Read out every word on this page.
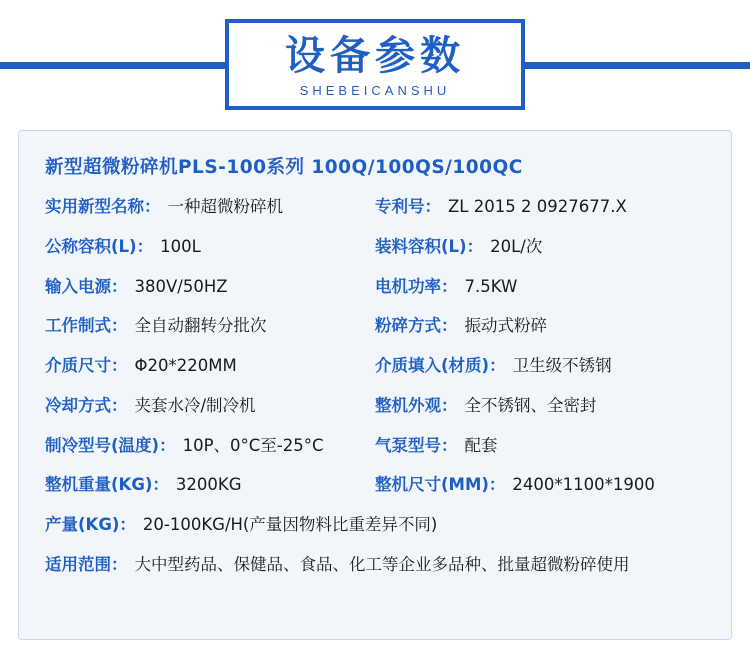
设备参数
SHEBEICANSHU
新型超微粉碎机PLS-100系列 100Q/100QS/100QC
实用新型名称： 一种超微粉碎机	专利号： ZL 2015 2 0927677.X
公称容积(L)： 100L	装料容积(L)： 20L/次
输入电源： 380V/50HZ	电机功率： 7.5KW
工作制式： 全自动翻转分批次	粉碎方式： 振动式粉碎
介质尺寸： Φ20*220MM	介质填入(材质)： 卫生级不锈钢
冷却方式： 夹套水冷/制冷机	整机外观： 全不锈钢、全密封
制冷型号(温度)： 10P、0°C至-25°C	气泵型号： 配套
整机重量(KG)： 3200KG	整机尺寸(MM)： 2400*1100*1900
产量(KG)： 20-100KG/H(产量因物料比重差异不同)
适用范围： 大中型药品、保健品、食品、化工等企业多品种、批量超微粉碎使用
